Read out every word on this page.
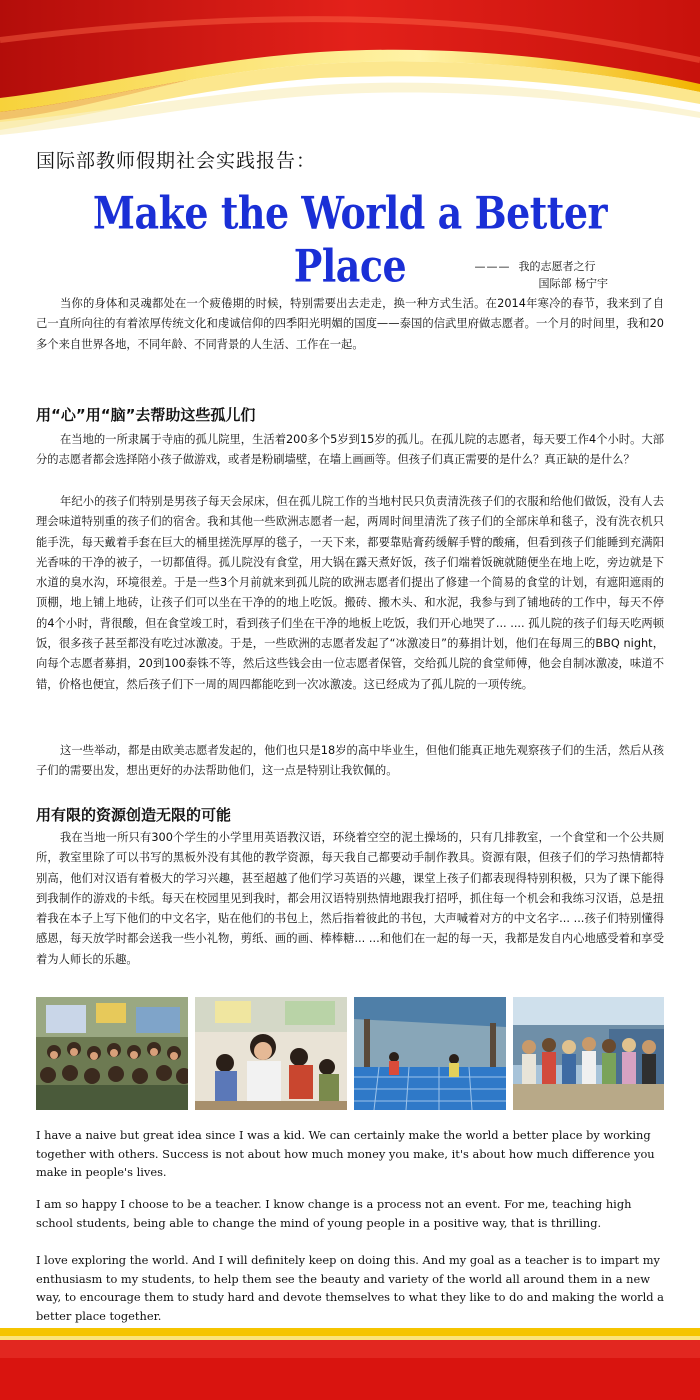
国际部教师假期社会实践报告：
Make the World a Better Place	——— 我的志愿者之行
国际部 杨宁宇

当你的身体和灵魂都处在一个疲倦期的时候，特别需要出去走走，换一种方式生活。在2014年寒冷的春节，我来到了自己一直所向往的有着浓厚传统文化和虔诚信仰的四季阳光明媚的国度——泰国的信武里府做志愿者。一个月的时间里，我和20多个来自世界各地，不同年龄、不同背景的人生活、工作在一起。

用“心”用“脑”去帮助这些孤儿们

在当地的一所隶属于寺庙的孤儿院里，生活着200多个5岁到15岁的孤儿。在孤儿院的志愿者，每天要工作4个小时。大部分的志愿者都会选择陪小孩子做游戏，或者是粉刷墙壁，在墙上画画等。但孩子们真正需要的是什么？真正缺的是什么？

年纪小的孩子们特别是男孩子每天会尿床，但在孤儿院工作的当地村民只负责清洗孩子们的衣服和给他们做饭，没有人去理会味道特别重的孩子们的宿舍。我和其他一些欧洲志愿者一起，两周时间里清洗了孩子们的全部床单和毯子，没有洗衣机只能手洗，每天戴着手套在巨大的桶里搓洗厚厚的毯子，一天下来，都要靠贴膏药缓解手臂的酸痛，但看到孩子们能睡到充满阳光香味的干净的被子，一切都值得。孤儿院没有食堂，用大锅在露天煮好饭，孩子们端着饭碗就随便坐在地上吃，旁边就是下水道的臭水沟，环境很差。于是一些3个月前就来到孤儿院的欧洲志愿者们提出了修建一个简易的食堂的计划，有遮阳遮雨的顶棚，地上铺上地砖，让孩子们可以坐在干净的的地上吃饭。搬砖、搬木头、和水泥，我参与到了铺地砖的工作中，每天不停的4个小时，背很酸，但在食堂竣工时，看到孩子们坐在干净的地板上吃饭，我们开心地哭了... .... 孤儿院的孩子们每天吃两顿饭，很多孩子甚至都没有吃过冰激凌。于是，一些欧洲的志愿者发起了“冰激凌日”的募捐计划，他们在每周三的BBQ night，向每个志愿者募捐，20到100泰铢不等，然后这些钱会由一位志愿者保管，交给孤儿院的食堂师傅，他会自制冰激凌，味道不错，价格也便宜，然后孩子们下一周的周四都能吃到一次冰激凌。这已经成为了孤儿院的一项传统。

这一些举动，都是由欧美志愿者发起的，他们也只是18岁的高中毕业生，但他们能真正地先观察孩子们的生活，然后从孩子们的需要出发，想出更好的办法帮助他们，这一点是特别让我钦佩的。

用有限的资源创造无限的可能

我在当地一所只有300个学生的小学里用英语教汉语，环绕着空空的泥土操场的，只有几排教室，一个食堂和一个公共厕所，教室里除了可以书写的黑板外没有其他的教学资源，每天我自己都要动手制作教具。资源有限，但孩子们的学习热情都特别高，他们对汉语有着极大的学习兴趣，甚至超越了他们学习英语的兴趣，课堂上孩子们都表现得特别积极，只为了课下能得到我制作的游戏的卡纸。每天在校园里见到我时，都会用汉语特别热情地跟我打招呼，抓住每一个机会和我练习汉语，总是扭着我在本子上写下他们的中文名字，贴在他们的书包上，然后指着彼此的书包，大声喊着对方的中文名字... ...孩子们特别懂得感恩，每天放学时都会送我一些小礼物，剪纸、画的画、棒棒糖... ...和他们在一起的每一天，我都是发自内心地感受着和享受着为人师长的乐趣。

I have a naive but great idea since I was a kid. We can certainly make the world a better place by working together with others. Success is not about how much money you make, it's about how much difference you make in people's lives.

I am so happy I choose to be a teacher. I know change is a process not an event. For me, teaching high school students, being able to change the mind of young people in a positive way, that is thrilling.

I love exploring the world. And I will definitely keep on doing this. And my goal as a teacher is to impart my enthusiasm to my students, to help them see the beauty and variety of the world all around them in a new way, to encourage them to study hard and devote themselves to what they like to do and making the world a better place together.
